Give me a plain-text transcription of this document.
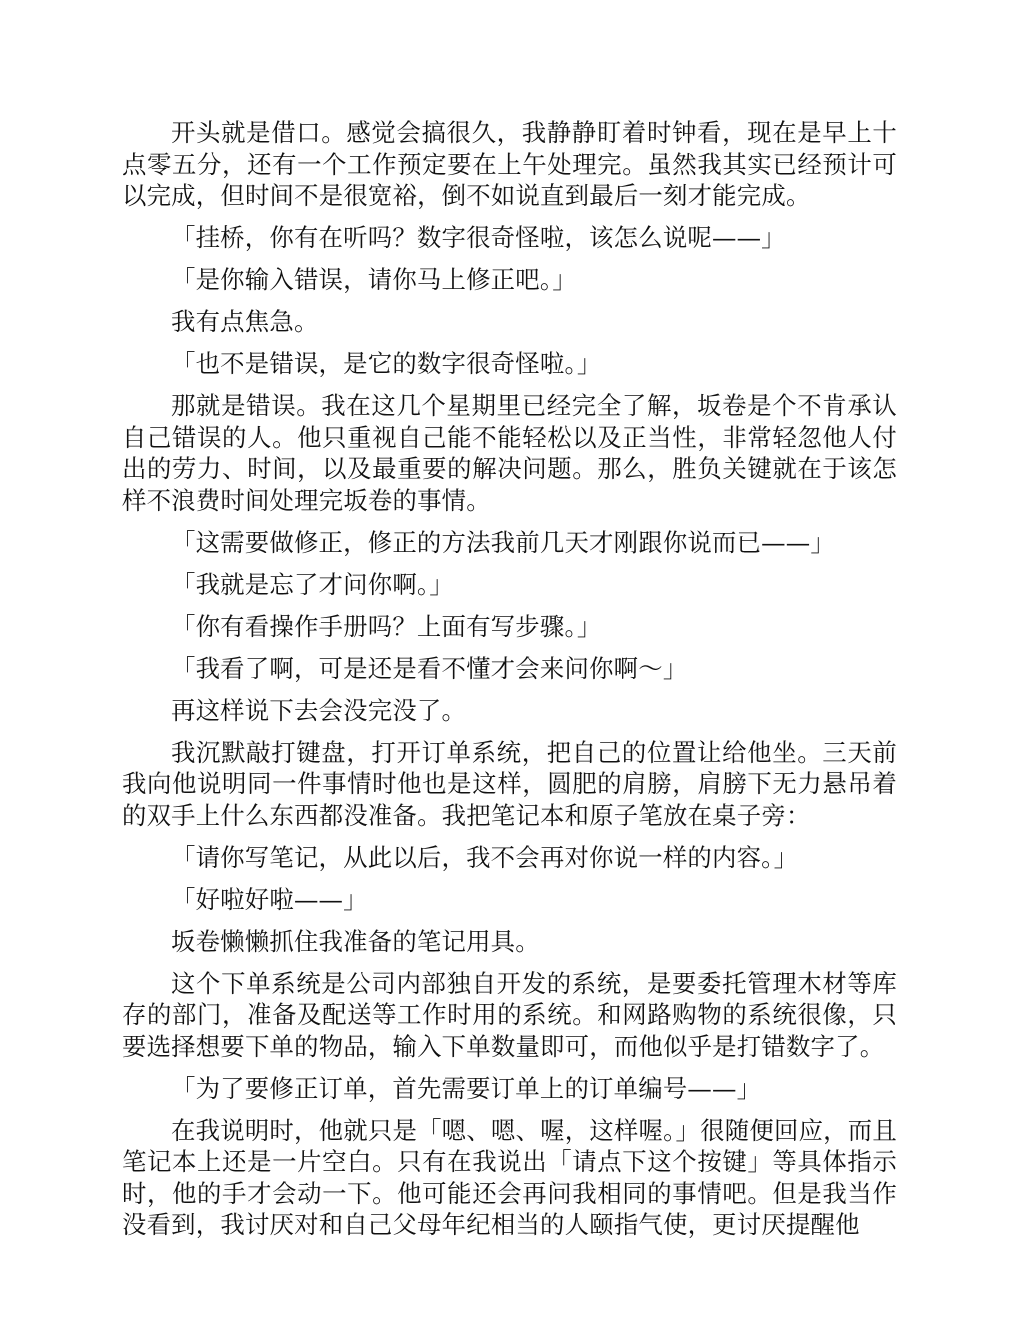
开头就是借口。感觉会搞很久，我静静盯着时钟看，现在是早上十点零五分，还有一个工作预定要在上午处理完。虽然我其实已经预计可以完成，但时间不是很宽裕，倒不如说直到最后一刻才能完成。

「挂桥，你有在听吗？数字很奇怪啦，该怎么说呢——」

「是你输入错误，请你马上修正吧。」

我有点焦急。

「也不是错误，是它的数字很奇怪啦。」

那就是错误。我在这几个星期里已经完全了解，坂卷是个不肯承认自己错误的人。他只重视自己能不能轻松以及正当性，非常轻忽他人付出的劳力、时间，以及最重要的解决问题。那么，胜负关键就在于该怎样不浪费时间处理完坂卷的事情。

「这需要做修正，修正的方法我前几天才刚跟你说而已——」

「我就是忘了才问你啊。」

「你有看操作手册吗？上面有写步骤。」

「我看了啊，可是还是看不懂才会来问你啊～」

再这样说下去会没完没了。

我沉默敲打键盘，打开订单系统，把自己的位置让给他坐。三天前我向他说明同一件事情时他也是这样，圆肥的肩膀，肩膀下无力悬吊着的双手上什么东西都没准备。我把笔记本和原子笔放在桌子旁：

「请你写笔记，从此以后，我不会再对你说一样的内容。」

「好啦好啦——」

坂卷懒懒抓住我准备的笔记用具。

这个下单系统是公司内部独自开发的系统，是要委托管理木材等库存的部门，准备及配送等工作时用的系统。和网路购物的系统很像，只要选择想要下单的物品，输入下单数量即可，而他似乎是打错数字了。

「为了要修正订单，首先需要订单上的订单编号——」

在我说明时，他就只是「嗯、嗯、喔，这样喔。」很随便回应，而且笔记本上还是一片空白。只有在我说出「请点下这个按键」等具体指示时，他的手才会动一下。他可能还会再问我相同的事情吧。但是我当作没看到，我讨厌对和自己父母年纪相当的人颐指气使，更讨厌提醒他
